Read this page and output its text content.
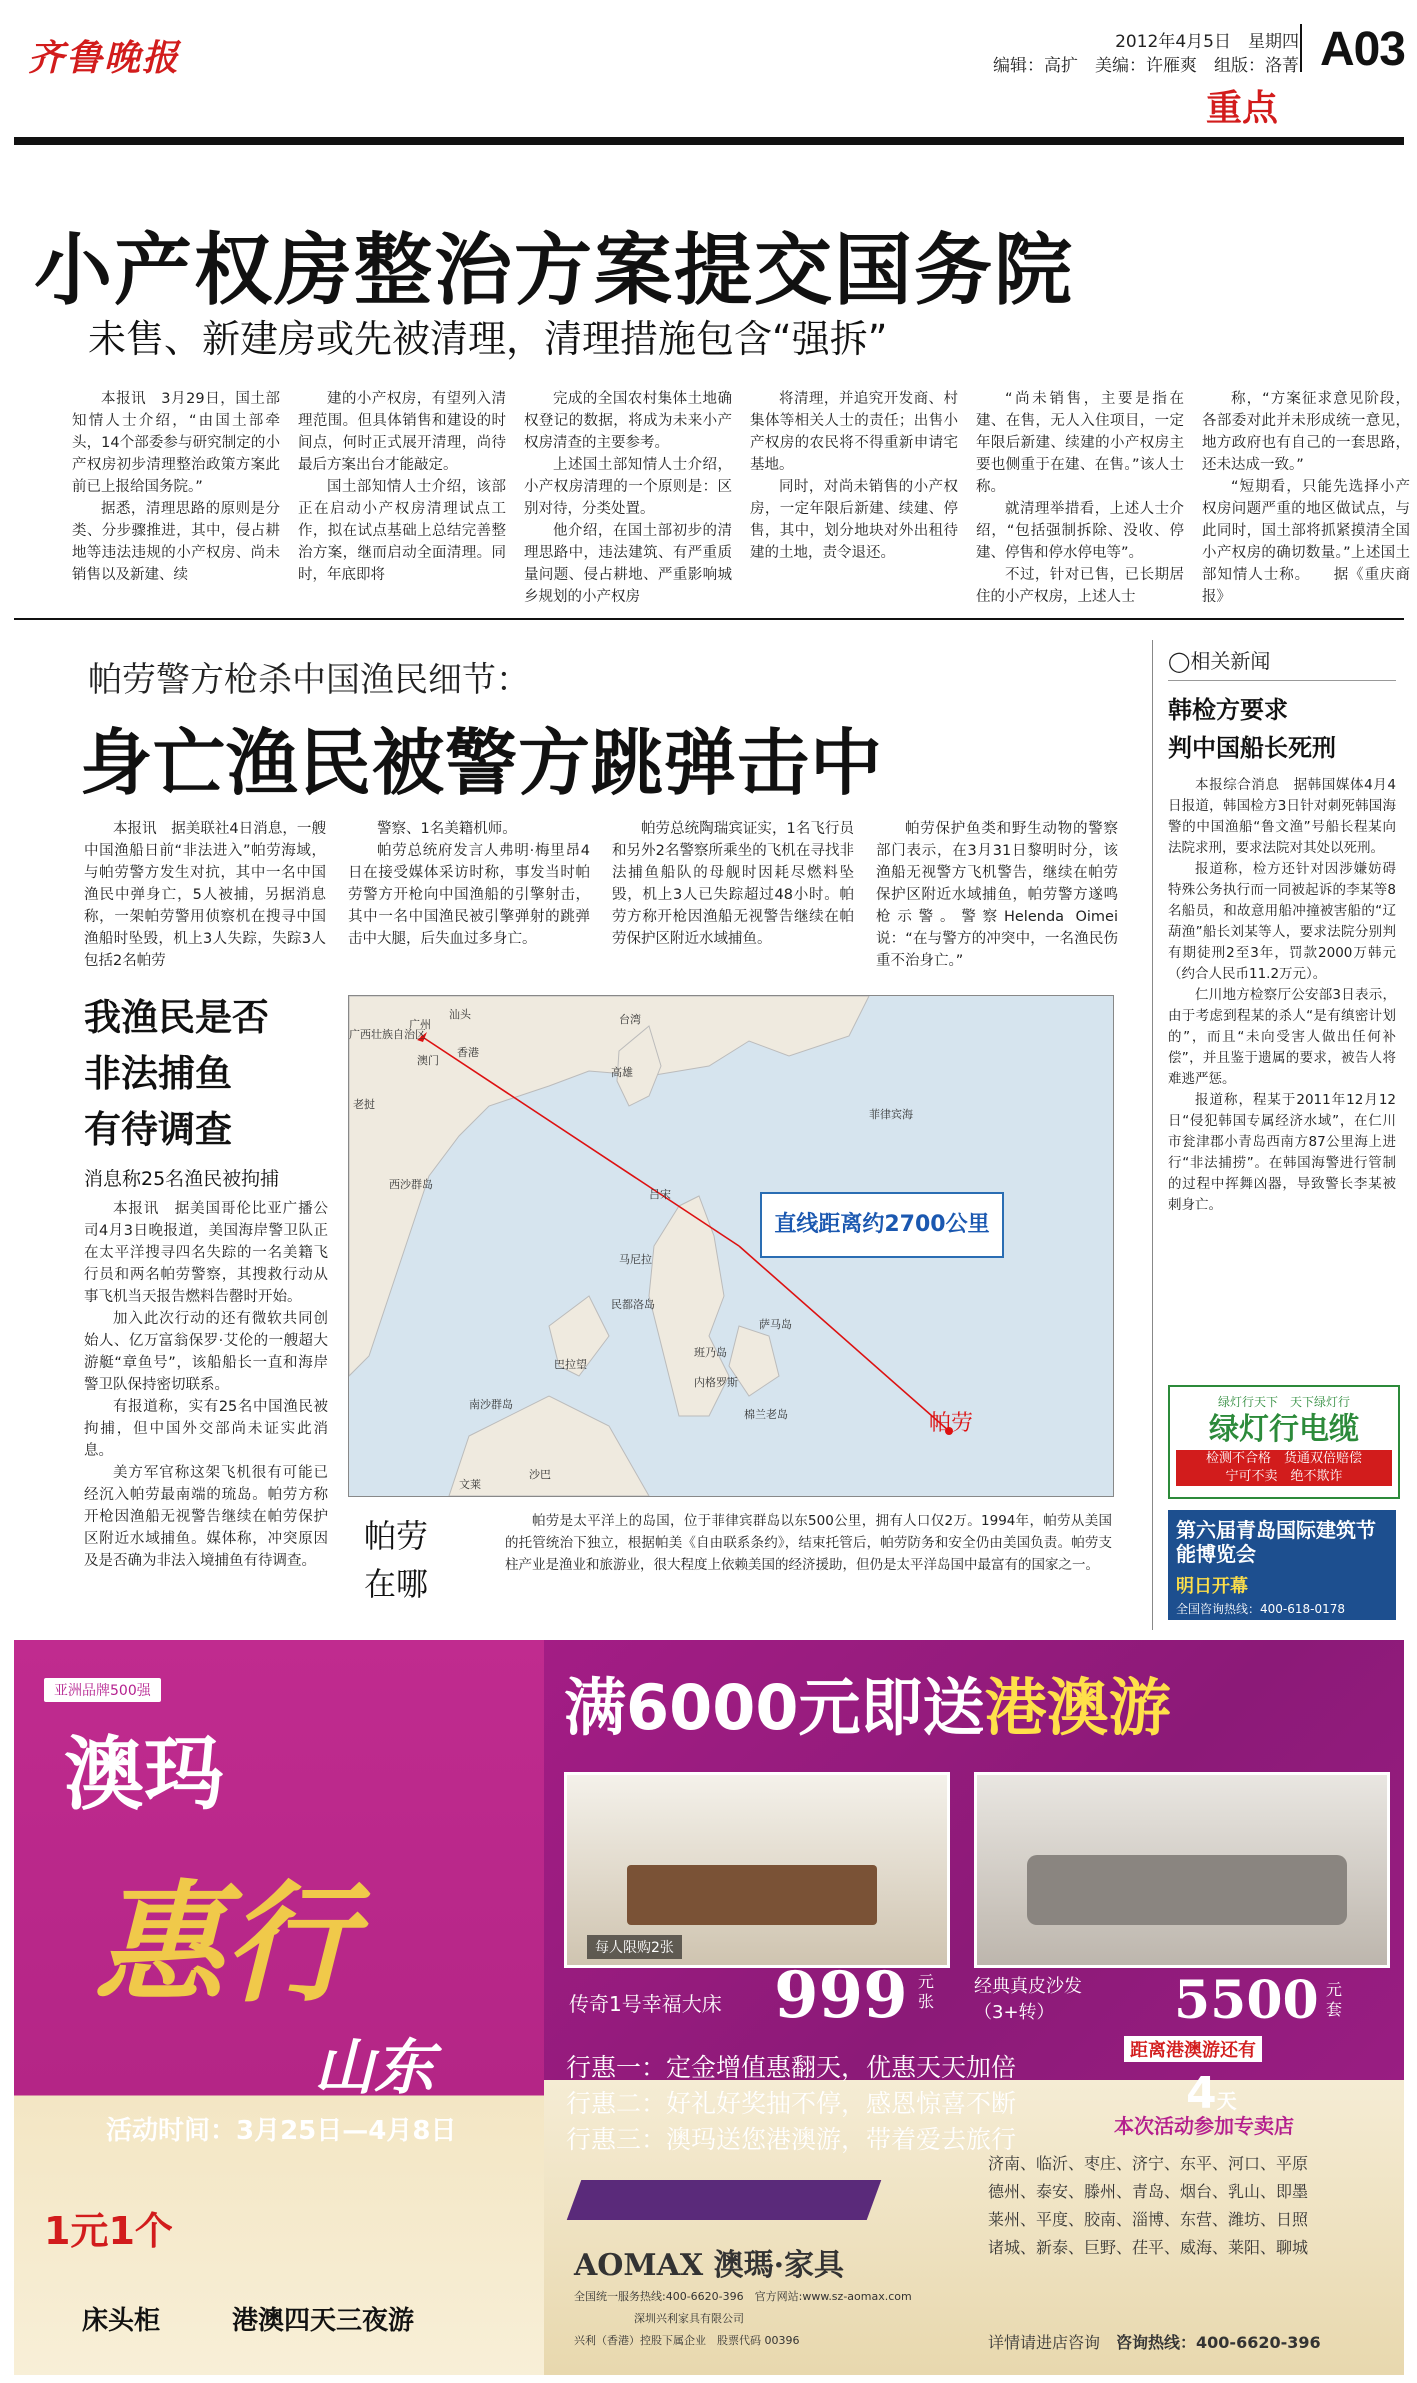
齐鲁晚报	2012年4月5日　星期四
编辑：高扩　美编：许雁爽　组版：洛菁 A03
重点
小产权房整治方案提交国务院
未售、新建房或先被清理，清理措施包含“强拆”

本报讯　3月29日，国土部知情人士介绍，“由国土部牵头，14个部委参与研究制定的小产权房初步清理整治政策方案此前已上报给国务院。”

据悉，清理思路的原则是分类、分步骤推进，其中，侵占耕地等违法违规的小产权房、尚未销售以及新建、续

建的小产权房，有望列入清理范围。但具体销售和建设的时间点，何时正式展开清理，尚待最后方案出台才能敲定。

国土部知情人士介绍，该部正在启动小产权房清理试点工作，拟在试点基础上总结完善整治方案，继而启动全面清理。同时，年底即将

完成的全国农村集体土地确权登记的数据，将成为未来小产权房清查的主要参考。

上述国土部知情人士介绍，小产权房清理的一个原则是：区别对待，分类处置。

他介绍，在国土部初步的清理思路中，违法建筑、有严重质量问题、侵占耕地、严重影响城乡规划的小产权房

将清理，并追究开发商、村集体等相关人士的责任；出售小产权房的农民将不得重新申请宅基地。

同时，对尚未销售的小产权房，一定年限后新建、续建、停售，其中，划分地块对外出租待建的土地，责令退还。

“尚未销售，主要是指在建、在售，无人入住项目，一定年限后新建、续建的小产权房主要也侧重于在建、在售。”该人士称。

就清理举措看，上述人士介绍，“包括强制拆除、没收、停建、停售和停水停电等”。

不过，针对已售，已长期居住的小产权房，上述人士

称，“方案征求意见阶段，各部委对此并未形成统一意见，地方政府也有自己的一套思路，还未达成一致。”

“短期看，只能先选择小产权房问题严重的地区做试点，与此同时，国土部将抓紧摸清全国小产权房的确切数量。”上述国土部知情人士称。　　据《重庆商报》

帕劳警方枪杀中国渔民细节：
身亡渔民被警方跳弹击中

本报讯　据美联社4日消息，一艘中国渔船日前“非法进入”帕劳海域，与帕劳警方发生对抗，其中一名中国渔民中弹身亡，5人被捕，另据消息称，一架帕劳警用侦察机在搜寻中国渔船时坠毁，机上3人失踪，失踪3人包括2名帕劳

警察、1名美籍机师。

帕劳总统府发言人弗明·梅里昂4日在接受媒体采访时称，事发当时帕劳警方开枪向中国渔船的引擎射击，其中一名中国渔民被引擎弹射的跳弹击中大腿，后失血过多身亡。

帕劳总统陶瑞宾证实，1名飞行员和另外2名警察所乘坐的飞机在寻找非法捕鱼船队的母舰时因耗尽燃料坠毁，机上3人已失踪超过48小时。帕劳方称开枪因渔船无视警告继续在帕劳保护区附近水域捕鱼。

帕劳保护鱼类和野生动物的警察部门表示，在3月31日黎明时分，该渔船无视警方飞机警告，继续在帕劳保护区附近水域捕鱼，帕劳警方遂鸣枪示警。警察Helenda Oimei说：“在与警方的冲突中，一名渔民伤重不治身亡。”

我渔民是否
非法捕鱼
有待调查
消息称25名渔民被拘捕

本报讯　据美国哥伦比亚广播公司4月3日晚报道，美国海岸警卫队正在太平洋搜寻四名失踪的一名美籍飞行员和两名帕劳警察，其搜救行动从事飞机当天报告燃料告罄时开始。

加入此次行动的还有微软共同创始人、亿万富翁保罗·艾伦的一艘超大游艇“章鱼号”，该船船长一直和海岸警卫队保持密切联系。

有报道称，实有25名中国渔民被拘捕，但中国外交部尚未证实此消息。

美方军官称这架飞机很有可能已经沉入帕劳最南端的琉岛。帕劳方称开枪因渔船无视警告继续在帕劳保护区附近水域捕鱼。媒体称，冲突原因及是否确为非法入境捕鱼有待调查。

广州
汕头	台湾
高雄
香港
澳门
广西壮族自治区
西沙群岛
南沙群岛
吕宋
马尼拉
菲律宾海
民都洛岛
巴拉望
萨马岛
班乃岛
内格罗斯
棉兰老岛
沙巴
文莱
老挝
帕劳
直线距离约2700公里
帕劳
在哪

帕劳是太平洋上的岛国，位于菲律宾群岛以东500公里，拥有人口仅2万。1994年，帕劳从美国的托管统治下独立，根据帕美《自由联系条约》，结束托管后，帕劳防务和安全仍由美国负责。帕劳支柱产业是渔业和旅游业，很大程度上依赖美国的经济援助，但仍是太平洋岛国中最富有的国家之一。

◯相关新闻
韩检方要求
判中国船长死刑

本报综合消息　据韩国媒体4月4日报道，韩国检方3日针对刺死韩国海警的中国渔船“鲁文渔”号船长程某向法院求刑，要求法院对其处以死刑。

报道称，检方还针对因涉嫌妨碍特殊公务执行而一同被起诉的李某等8名船员，和故意用船冲撞被害船的“辽葫渔”船长刘某等人，要求法院分别判有期徒刑2至3年，罚款2000万韩元（约合人民币11.2万元）。

仁川地方检察厅公安部3日表示，由于考虑到程某的杀人“是有缜密计划的”，而且“未向受害人做出任何补偿”，并且鉴于遗属的要求，被告人将难逃严惩。

报道称，程某于2011年12月12日“侵犯韩国专属经济水域”，在仁川市瓮津郡小青岛西南方87公里海上进行“非法捕捞”。在韩国海警进行管制的过程中挥舞凶器，导致警长李某被刺身亡。

绿灯行天下　天下绿灯行
绿灯行电缆
检测不合格　货通双倍赔偿
宁可不卖　绝不欺诈
第六届青岛国际建筑节能博览会
明日开幕
全国咨询热线：400-618-0178
亚洲品牌500强
澳玛
惠行
山东
活动时间：3月25日—4月8日
1元1个
床头柜	港澳四天三夜游
满6000元即送港澳游
每人限购2张
传奇1号幸福大床 999 元张
经典真皮沙发（3+转）	5500 元套
距离港澳游还有
4天
行惠一：定金增值惠翻天，优惠天天加倍
行惠二：好礼好奖抽不停，感恩惊喜不断
行惠三：澳玛送您港澳游，带着爱去旅行
AOMAX 澳瑪·家具
全国统一服务热线:400-6620-396　官方网站:www.sz-aomax.com
深圳兴利家具有限公司
兴利（香港）控股下属企业　股票代码 00396
本次活动参加专卖店
济南、临沂、枣庄、济宁、东平、河口、平原
德州、泰安、滕州、青岛、烟台、乳山、即墨
莱州、平度、胶南、淄博、东营、潍坊、日照
诸城、新泰、巨野、茌平、威海、莱阳、聊城
详情请进店咨询　 咨询热线：400-6620-396
